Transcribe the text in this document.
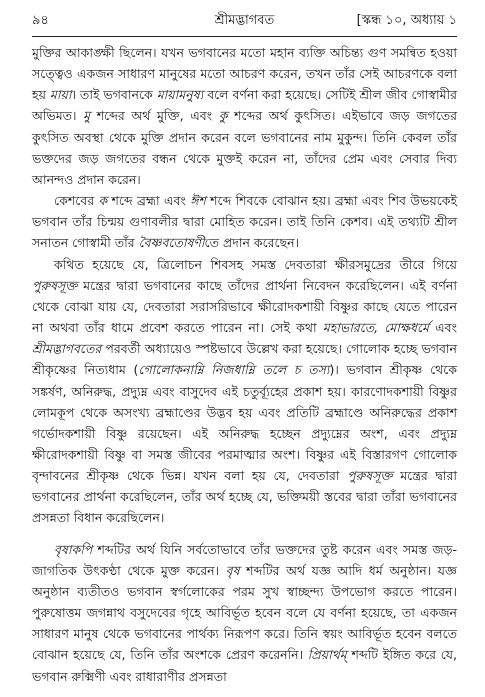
৯৪	শ্রীমদ্ভাগবত	[স্কন্ধ ১০, অধ্যায় ১

মুক্তির আকাঙ্ক্ষী ছিলেন। যখন ভগবানের মতো মহান ব্যক্তি অচিন্ত্য গুণ সমন্বিত হওয়া সত্ত্বেও একজন সাধারণ মানুষের মতো আচরণ করেন, তখন তাঁর সেই আচরণকে বলা হয় মায়া। তাই ভগবানকে মায়ামনুষ্য বলে বর্ণনা করা হয়েছে। সেটিই শ্রীল জীব গোস্বামীর অভিমত। মু শব্দের অর্থ মুক্তি, এবং কু শব্দের অর্থ কুৎসিত। এইভাবে জড় জগতের কুৎসিত অবস্থা থেকে মুক্তি প্রদান করেন বলে ভগবানের নাম মুকুন্দ। তিনি কেবল তাঁর ভক্তদের জড় জগতের বন্ধন থেকে মুক্তই করেন না, তাঁদের প্রেম এবং সেবার দিব্য আনন্দও প্রদান করেন।

কেশবের ক শব্দে ব্রহ্মা এবং ঈশ শব্দে শিবকে বোঝান হয়। ব্রহ্মা এবং শিব উভয়কেই ভগবান তাঁর চিন্ময় গুণাবলীর দ্বারা মোহিত করেন। তাই তিনি কেশব। এই তথ্যটি শ্রীল সনাতন গোস্বামী তাঁর বৈষ্ণবতোষণীতে প্রদান করেছেন।

কথিত হয়েছে যে, ত্রিলোচন শিবসহ সমস্ত দেবতারা ক্ষীরসমুদ্রের তীরে গিয়ে পুরুষসূক্ত মন্ত্রের দ্বারা ভগবানের কাছে তাঁদের প্রার্থনা নিবেদন করেছিলেন। এই বর্ণনা থেকে বোঝা যায় যে, দেবতারা সরাসরিভাবে ক্ষীরোদকশায়ী বিষ্ণুর কাছে যেতে পারেন না অথবা তাঁর ধামে প্রবেশ করতে পারেন না। সেই কথা মহাভারতে, মোক্ষধর্মে এবং শ্রীমদ্ভাগবতের পরবর্তী অধ্যায়েও স্পষ্টভাবে উল্লেখ করা হয়েছে। গোলোক হচ্ছে ভগবান শ্রীকৃষ্ণের নিত্যধাম (গোলোকনাম্নি নিজধাম্নি তলে চ তস্য)। ভগবান শ্রীকৃষ্ণ থেকে সঙ্কর্ষণ, অনিরুদ্ধ, প্রদ্যুম্ন এবং বাসুদেব এই চতুর্ব্যূহের প্রকাশ হয়। কারণোদকশায়ী বিষ্ণুর লোমকূপ থেকে অসংখ্য ব্রহ্মাণ্ডের উদ্ভব হয় এবং প্রতিটি ব্রহ্মাণ্ডে অনিরুদ্ধের প্রকাশ গর্ভোদকশায়ী বিষ্ণু রয়েছেন। এই অনিরুদ্ধ হচ্ছেন প্রদ্যুম্নের অংশ, এবং প্রদ্যুম্ন ক্ষীরোদকশায়ী বিষ্ণু বা সমস্ত জীবের পরমাত্মার অংশ। বিষ্ণুর এই বিস্তারগণ গোলোক বৃন্দাবনের শ্রীকৃষ্ণ থেকে ভিন্ন। যখন বলা হয় যে, দেবতারা পুরুষসূক্ত মন্ত্রের দ্বারা ভগবানের প্রার্থনা করেছিলেন, তাঁর অর্থ হচ্ছে যে, ভক্তিময়ী স্তবের দ্বারা তাঁরা ভগবানের প্রসন্নতা বিধান করেছিলেন।

বৃষাকপি শব্দটির অর্থ যিনি সর্বতোভাবে তাঁর ভক্তদের তুষ্ট করেন এবং সমস্ত জড়-জাগতিক উৎকণ্ঠা থেকে মুক্ত করেন। বৃষ শব্দটির অর্থ যজ্ঞ আদি ধর্ম অনুষ্ঠান। যজ্ঞ অনুষ্ঠান ব্যতীতও ভগবান স্বর্গলোকের পরম সুখ স্বাচ্ছন্দ্য উপভোগ করতে পারেন। পুরুষোত্তম জগন্নাথ বসুদেবের গৃহে আবির্ভূত হবেন বলে যে বর্ণনা হয়েছে, তা একজন সাধারণ মানুষ থেকে ভগবানের পার্থক্য নিরূপণ করে। তিনি স্বয়ং আবির্ভূত হবেন বলতে বোঝান হয়েছে যে, তিনি তাঁর অংশকে প্রেরণ করেননি। প্রিয়ার্থম্ শব্দটি ইঙ্গিত করে যে, ভগবান রুক্মিণী এবং রাধারাণীর প্রসন্নতা
